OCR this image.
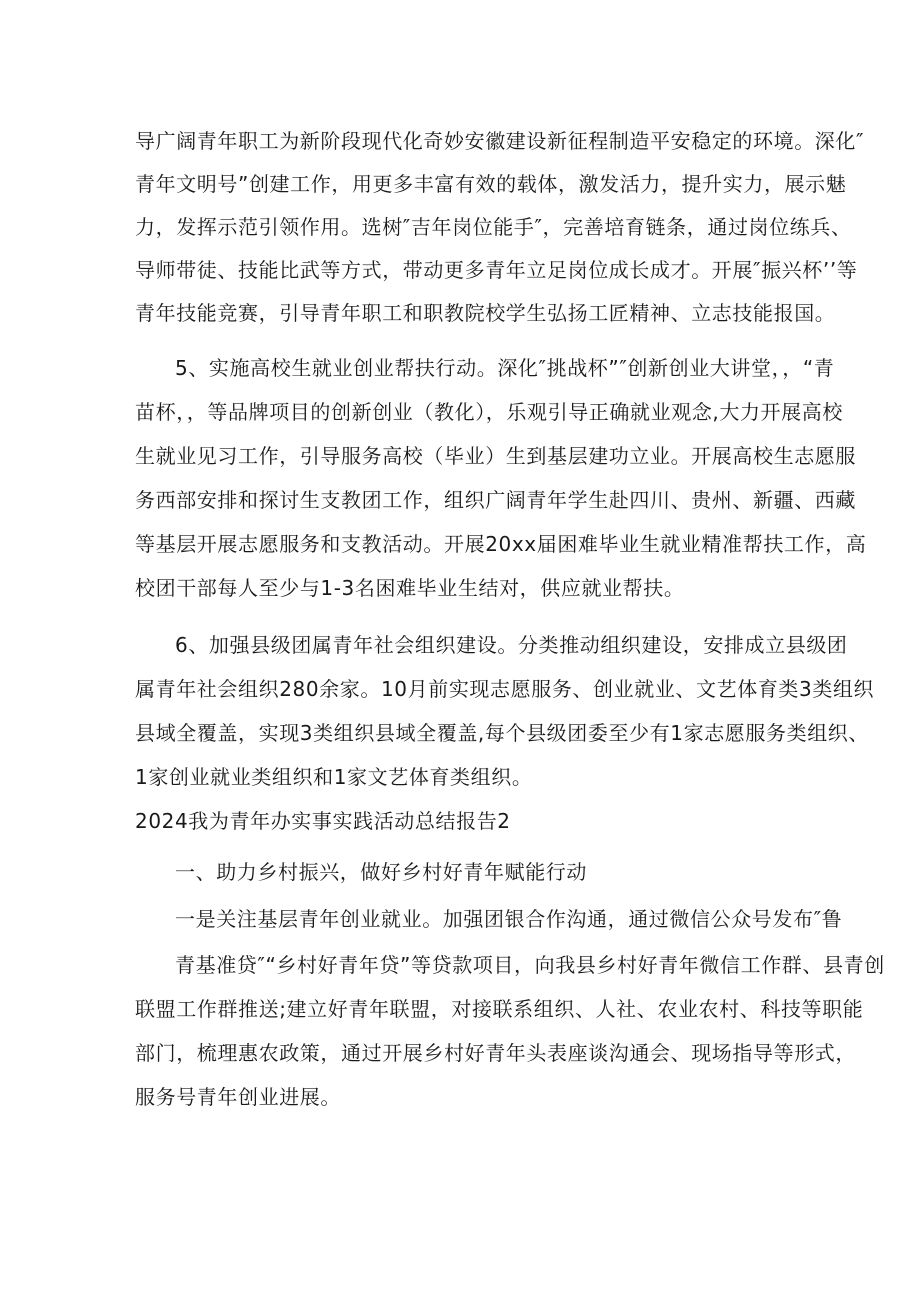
导广阔青年职工为新阶段现代化奇妙安徽建设新征程制造平安稳定的环境。深化″

青年文明号”创建工作，用更多丰富有效的载体，激发活力，提升实力，展示魅

力，发挥示范引领作用。选树″吉年岗位能手″，完善培育链条，通过岗位练兵、

导师带徒、技能比武等方式，带动更多青年立足岗位成长成才。开展″振兴杯’’等

青年技能竞赛，引导青年职工和职教院校学生弘扬工匠精神、立志技能报国。

5、实施高校生就业创业帮扶行动。深化″挑战杯”″创新创业大讲堂，，“青

苗杯，，等品牌项目的创新创业（教化），乐观引导正确就业观念,大力开展高校

生就业见习工作，引导服务高校（毕业）生到基层建功立业。开展高校生志愿服

务西部安排和探讨生支教团工作，组织广阔青年学生赴四川、贵州、新疆、西藏

等基层开展志愿服务和支教活动。开展20xx届困难毕业生就业精准帮扶工作，高

校团干部每人至少与1-3名困难毕业生结对，供应就业帮扶。

6、加强县级团属青年社会组织建设。分类推动组织建设，安排成立县级团

属青年社会组织280余家。10月前实现志愿服务、创业就业、文艺体育类3类组织

县域全覆盖，实现3类组织县域全覆盖,每个县级团委至少有1家志愿服务类组织、

1家创业就业类组织和1家文艺体育类组织。

2024我为青年办实事实践活动总结报告2

一、助力乡村振兴，做好乡村好青年赋能行动

一是关注基层青年创业就业。加强团银合作沟通，通过微信公众号发布″鲁

青基准贷″“乡村好青年贷”等贷款项目，向我县乡村好青年微信工作群、县青创

联盟工作群推送;建立好青年联盟，对接联系组织、人社、农业农村、科技等职能

部门，梳理惠农政策，通过开展乡村好青年头表座谈沟通会、现场指导等形式，

服务号青年创业进展。
